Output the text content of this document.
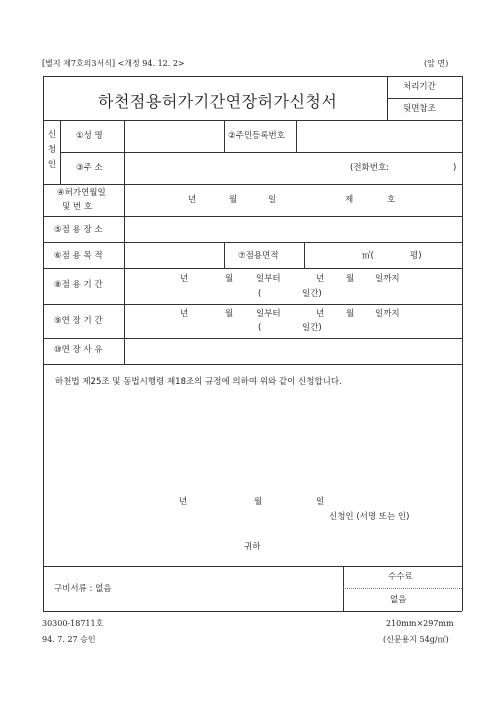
[별지 제7호의3서식] <개정 94. 12. 2>	(앞 면)
하천점용허가기간연장허가신청서
처리기간
뒷면참조
신
청
인
①성 명	②주민등록번호
③주 소	(전화번호:	)
④허가연월일
및 번 호
년	월	일	제	호
⑤점 용 장 소
⑥점 용 목 적	⑦점용면적	㎡(	평)
⑧점 용 기 간
년	월	일부터	년	월 일까지
(	일간)
⑨연 장 기 간
년	월	일부터	년	월 일까지
(	일간)
⑩연 장 사 유
하천법 제25조 및 동법시행령 제18조의 규정에 의하여 위와 같이 신청합니다.
년	월	일
신청인 (서명 또는 인)
귀하
구비서류 : 없음
수수료
없음
30300-18711호
94. 7. 27 승인
210mm×297mm
(신문용지 54g/㎡)
